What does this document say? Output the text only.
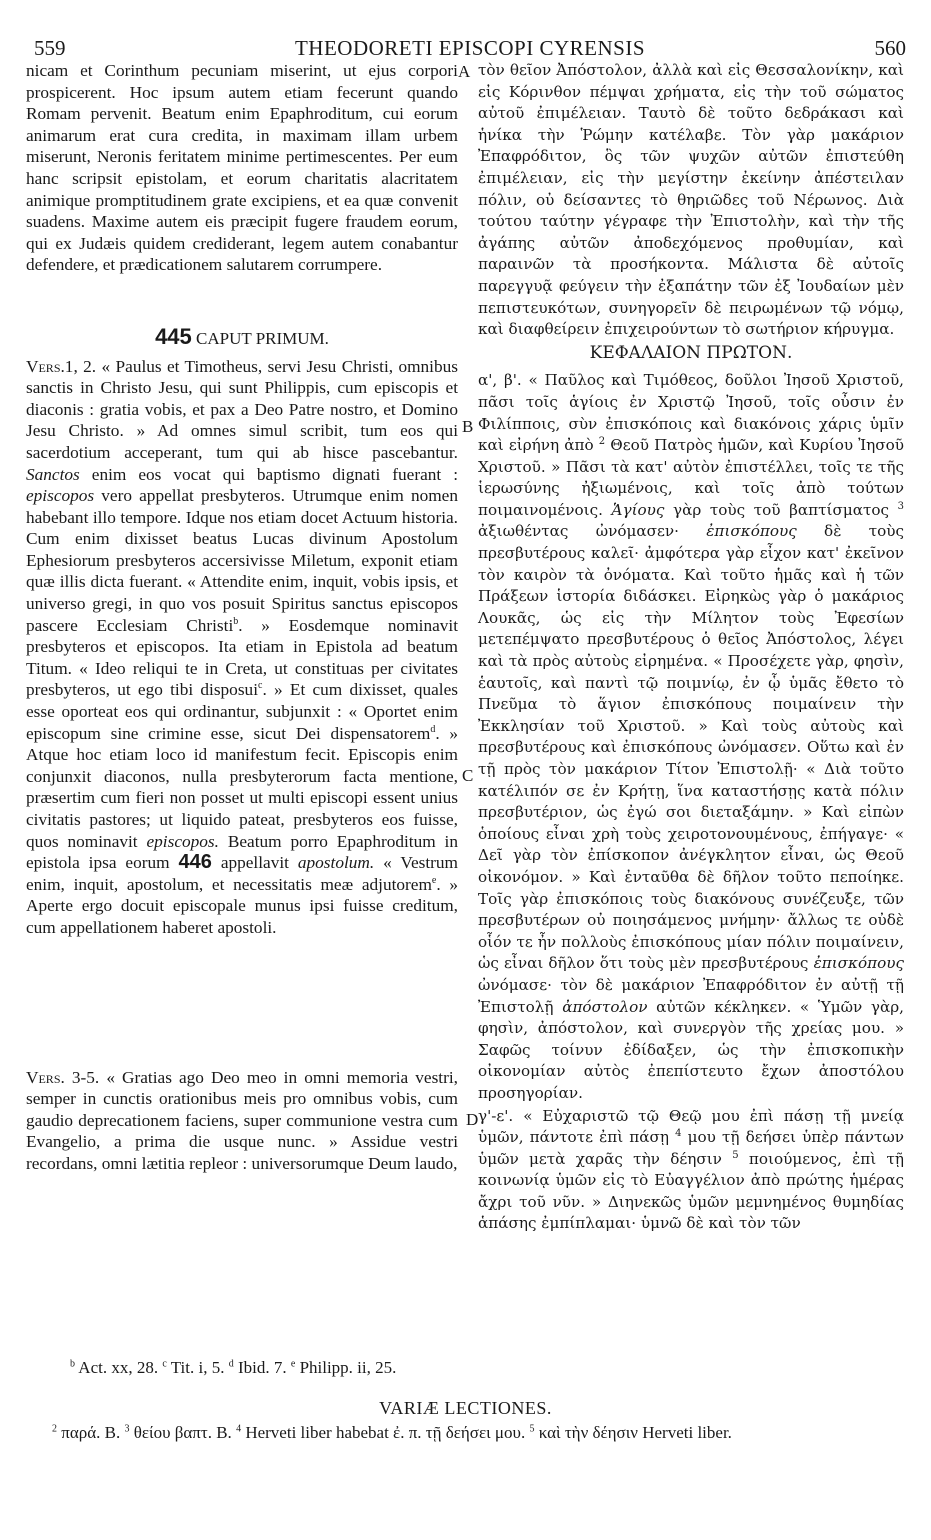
559	THEODORETI EPISCOPI CYRENSIS	560
A
B
C
D

nicam et Corinthum pecuniam miserint, ut ejus corpori prospicerent. Hoc ipsum autem etiam fecerunt quando Romam pervenit. Beatum enim Epaphroditum, cui eorum animarum erat cura credita, in maximam illam urbem miserunt, Neronis feritatem minime pertimescentes. Per eum hanc scripsit epistolam, et eorum charitatis alacritatem animique promptitudinem grate excipiens, et ea quæ convenit suadens. Maxime autem eis præcipit fugere fraudem eorum, qui ex Judæis quidem crediderant, legem autem conabantur defendere, et prædicationem salutarem corrumpere.

445 CAPUT PRIMUM.

Vers.1, 2. « Paulus et Timotheus, servi Jesu Christi, omnibus sanctis in Christo Jesu, qui sunt Philippis, cum episcopis et diaconis : gratia vobis, et pax a Deo Patre nostro, et Domino Jesu Christo. » Ad omnes simul scribit, tum eos qui sacerdotium acceperant, tum qui ab hisce pascebantur. Sanctos enim eos vocat qui baptismo dignati fuerant : episcopos vero appellat presbyteros. Utrumque enim nomen habebant illo tempore. Idque nos etiam docet Actuum historia. Cum enim dixisset beatus Lucas divinum Apostolum Ephesiorum presbyteros accersivisse Miletum, exponit etiam quæ illis dicta fuerant. « Attendite enim, inquit, vobis ipsis, et universo gregi, in quo vos posuit Spiritus sanctus episcopos pascere Ecclesiam Christi$^b$. » Eosdemque nominavit presbyteros et episcopos. Ita etiam in Epistola ad beatum Titum. « Ideo reliqui te in Creta, ut constituas per civitates presbyteros, ut ego tibi disposui$^c$. » Et cum dixisset, quales esse oporteat eos qui ordinantur, subjunxit : « Oportet enim episcopum sine crimine esse, sicut Dei dispensatorem$^d$. » Atque hoc etiam loco id manifestum fecit. Episcopis enim conjunxit diaconos, nulla presbyterorum facta mentione, præsertim cum fieri non posset ut multi episcopi essent unius civitatis pastores; ut liquido pateat, presbyteros eos fuisse, quos nominavit episcopos. Beatum porro Epaphroditum in epistola ipsa eorum 446 appellavit apostolum. « Vestrum enim, inquit, apostolum, et necessitatis meæ adjutorem$^e$. » Aperte ergo docuit episcopale munus ipsi fuisse creditum, cum appellationem haberet apostoli.

Vers. 3-5. « Gratias ago Deo meo in omni memoria vestri, semper in cunctis orationibus meis pro omnibus vobis, cum gaudio deprecationem faciens, super communione vestra cum Evangelio, a prima die usque nunc. » Assidue vestri recordans, omni lætitia repleor : universorumque Deum laudo,

τὸν θεῖον Ἀπόστολον, ἀλλὰ καὶ εἰς Θεσσαλονίκην, καὶ εἰς Κόρινθον πέμψαι χρήματα, εἰς τὴν τοῦ σώματος αὐτοῦ ἐπιμέλειαν. Ταυτὸ δὲ τοῦτο δεδράκασι καὶ ἡνίκα τὴν Ῥώμην κατέλαβε. Τὸν γὰρ μακάριον Ἐπαφρόδιτον, ὃς τῶν ψυχῶν αὐτῶν ἐπιστεύθη ἐπιμέλειαν, εἰς τὴν μεγίστην ἐκείνην ἀπέστειλαν πόλιν, οὐ δείσαντες τὸ θηριῶδες τοῦ Νέρωνος. Διὰ τούτου ταύτην γέγραφε τὴν Ἐπιστολὴν, καὶ τὴν τῆς ἀγάπης αὐτῶν ἀποδεχόμενος προθυμίαν, καὶ παραινῶν τὰ προσήκοντα. Μάλιστα δὲ αὐτοῖς παρεγγυᾷ φεύγειν τὴν ἐξαπάτην τῶν ἐξ Ἰουδαίων μὲν πεπιστευκότων, συνηγορεῖν δὲ πειρωμένων τῷ νόμῳ, καὶ διαφθείρειν ἐπιχειρούντων τὸ σωτήριον κήρυγμα.

ΚΕΦΑΛΑΙΟΝ ΠΡΩΤΟΝ.

α', β'. « Παῦλος καὶ Τιμόθεος, δοῦλοι Ἰησοῦ Χριστοῦ, πᾶσι τοῖς ἁγίοις ἐν Χριστῷ Ἰησοῦ, τοῖς οὖσιν ἐν Φιλίπποις, σὺν ἐπισκόποις καὶ διακόνοις χάρις ὑμῖν καὶ εἰρήνη ἀπὸ $^2$ Θεοῦ Πατρὸς ἡμῶν, καὶ Κυρίου Ἰησοῦ Χριστοῦ. » Πᾶσι τὰ κατ' αὐτὸν ἐπιστέλλει, τοῖς τε τῆς ἱερωσύνης ἠξιωμένοις, καὶ τοῖς ἀπὸ τούτων ποιμαινομένοις. Ἁγίους γὰρ τοὺς τοῦ βαπτίσματος $^3$ ἀξιωθέντας ὠνόμασεν· ἐπισκόπους δὲ τοὺς πρεσβυτέρους καλεῖ· ἀμφότερα γὰρ εἶχον κατ' ἐκεῖνον τὸν καιρὸν τὰ ὀνόματα. Καὶ τοῦτο ἡμᾶς καὶ ἡ τῶν Πράξεων ἱστορία διδάσκει. Εἰρηκὼς γὰρ ὁ μακάριος Λουκᾶς, ὡς εἰς τὴν Μίλητον τοὺς Ἐφεσίων μετεπέμψατο πρεσβυτέρους ὁ θεῖος Ἀπόστολος, λέγει καὶ τὰ πρὸς αὐτοὺς εἰρημένα. « Προσέχετε γὰρ, φησὶν, ἑαυτοῖς, καὶ παντὶ τῷ ποιμνίῳ, ἐν ᾧ ὑμᾶς ἔθετο τὸ Πνεῦμα τὸ ἅγιον ἐπισκόπους ποιμαίνειν τὴν Ἐκκλησίαν τοῦ Χριστοῦ. » Καὶ τοὺς αὐτοὺς καὶ πρεσβυτέρους καὶ ἐπισκόπους ὠνόμασεν. Οὕτω καὶ ἐν τῇ πρὸς τὸν μακάριον Τίτον Ἐπιστολῇ· « Διὰ τοῦτο κατέλιπόν σε ἐν Κρήτῃ, ἵνα καταστήσῃς κατὰ πόλιν πρεσβυτέριον, ὡς ἐγώ σοι διεταξάμην. » Καὶ εἰπὼν ὁποίους εἶναι χρὴ τοὺς χειροτονουμένους, ἐπήγαγε· « Δεῖ γὰρ τὸν ἐπίσκοπον ἀνέγκλητον εἶναι, ὡς Θεοῦ οἰκονόμον. » Καὶ ἐνταῦθα δὲ δῆλον τοῦτο πεποίηκε. Τοῖς γὰρ ἐπισκόποις τοὺς διακόνους συνέζευξε, τῶν πρεσβυτέρων οὐ ποιησάμενος μνήμην· ἄλλως τε οὐδὲ οἷόν τε ἦν πολλοὺς ἐπισκόπους μίαν πόλιν ποιμαίνειν, ὡς εἶναι δῆλον ὅτι τοὺς μὲν πρεσβυτέρους ἐπισκόπους ὠνόμασε· τὸν δὲ μακάριον Ἐπαφρόδιτον ἐν αὐτῇ τῇ Ἐπιστολῇ ἀπόστολον αὐτῶν κέκληκεν. « Ὑμῶν γὰρ, φησὶν, ἀπόστολον, καὶ συνεργὸν τῆς χρείας μου. » Σαφῶς τοίνυν ἐδίδαξεν, ὡς τὴν ἐπισκοπικὴν οἰκονομίαν αὐτὸς ἐπεπίστευτο ἔχων ἀποστόλου προσηγορίαν.

γ'-ε'. « Εὐχαριστῶ τῷ Θεῷ μου ἐπὶ πάσῃ τῇ μνείᾳ ὑμῶν, πάντοτε ἐπὶ πάσῃ $^4$ μου τῇ δεήσει ὑπὲρ πάντων ὑμῶν μετὰ χαρᾶς τὴν δέησιν $^5$ ποιούμενος, ἐπὶ τῇ κοινωνίᾳ ὑμῶν εἰς τὸ Εὐαγγέλιον ἀπὸ πρώτης ἡμέρας ἄχρι τοῦ νῦν. » Διηνεκῶς ὑμῶν μεμνημένος θυμηδίας ἁπάσης ἐμπίπλαμαι· ὑμνῶ δὲ καὶ τὸν τῶν

$^b$ Act. xx, 28. $^c$ Tit. i, 5. $^d$ Ibid. 7. $^e$ Philipp. ii, 25.
VARIÆ LECTIONES.
$^2$ παρά. B. $^3$ θείου βαπτ. B. $^4$ Herveti liber habebat ἐ. π. τῇ δεήσει μου. $^5$ καὶ τὴν δέησιν Herveti liber.
